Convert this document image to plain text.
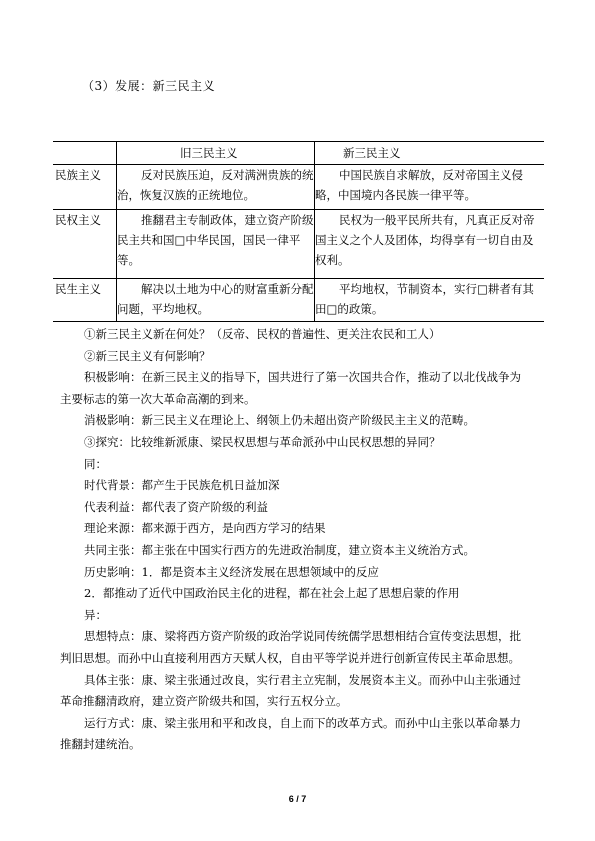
（3）发展：新三民主义

	旧三民主义	新三民主义

民族主义	反对民族压迫，反对满洲贵族的统治，恢复汉族的正统地位。	中国民族自求解放，反对帝国主义侵略，中国境内各民族一律平等。

民权主义	推翻君主专制政体，建立资产阶级民主共和国□中华民国，国民一律平等。	民权为一般平民所共有，凡真正反对帝国主义之个人及团体，均得享有一切自由及权利。

民生主义	解决以土地为中心的财富重新分配问题，平均地权。	平均地权，节制资本，实行□耕者有其田□的政策。
①新三民主义新在何处？（反帝、民权的普遍性、更关注农民和工人）
②新三民主义有何影响？
积极影响：在新三民主义的指导下，国共进行了第一次国共合作，推动了以北伐战争为
主要标志的第一次大革命高潮的到来。
消极影响：新三民主义在理论上、纲领上仍未超出资产阶级民主主义的范畴。
③探究：比较维新派康、梁民权思想与革命派孙中山民权思想的异同？
同：
时代背景：都产生于民族危机日益加深
代表利益：都代表了资产阶级的利益
理论来源：都来源于西方，是向西方学习的结果
共同主张：都主张在中国实行西方的先进政治制度，建立资本主义统治方式。
历史影响：1．都是资本主义经济发展在思想领域中的反应
2．都推动了近代中国政治民主化的进程，都在社会上起了思想启蒙的作用
异：
思想特点：康、梁将西方资产阶级的政治学说同传统儒学思想相结合宣传变法思想，批
判旧思想。而孙中山直接利用西方天赋人权，自由平等学说并进行创新宣传民主革命思想。
具体主张：康、梁主张通过改良，实行君主立宪制，发展资本主义。而孙中山主张通过
革命推翻清政府，建立资产阶级共和国，实行五权分立。
运行方式：康、梁主张用和平和改良，自上而下的改革方式。而孙中山主张以革命暴力
推翻封建统治。
6 / 7
